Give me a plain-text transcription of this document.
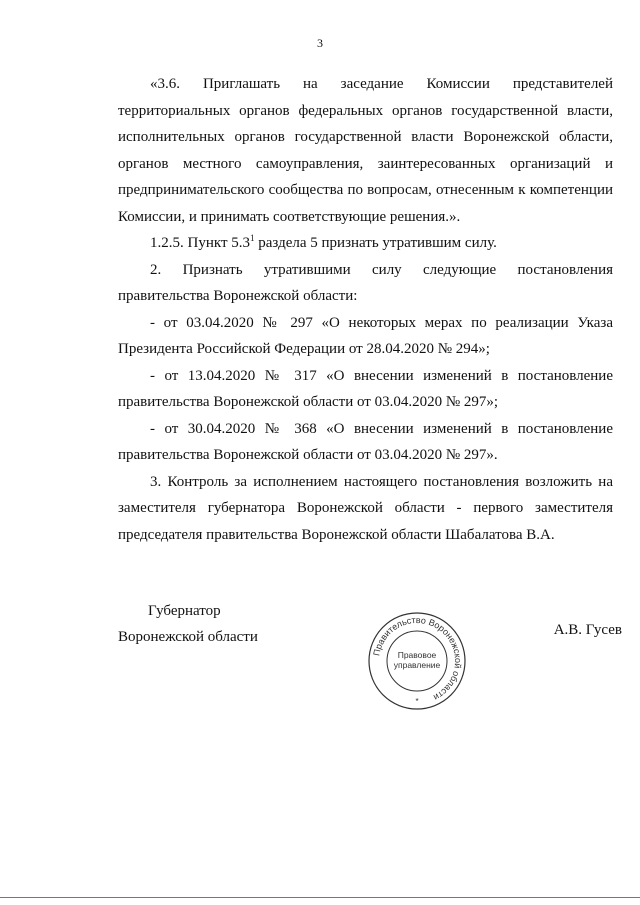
3

«3.6. Приглашать на заседание Комиссии представителей территориальных органов федеральных органов государственной власти, исполнительных органов государственной власти Воронежской области, органов местного самоуправления, заинтересованных организаций и предпринимательского сообщества по вопросам, отнесенным к компетенции Комиссии, и принимать соответствующие решения.».

1.2.5. Пункт $5.3^1$ раздела 5 признать утратившим силу.

2. Признать утратившими силу следующие постановления правительства Воронежской области:

- от 03.04.2020 № 297 «О некоторых мерах по реализации Указа Президента Российской Федерации от 28.04.2020 № 294»;

- от 13.04.2020 № 317 «О внесении изменений в постановление правительства Воронежской области от 03.04.2020 № 297»;

- от 30.04.2020 № 368 «О внесении изменений в постановление правительства Воронежской области от 03.04.2020 № 297».

3. Контроль за исполнением настоящего постановления возложить на заместителя губернатора Воронежской области - первого заместителя председателя правительства Воронежской области Шабалатова В.А.

Губернатор
Воронежской области	А.В. Гусев
Правительство Воронежской области
Правовое
управление
*
